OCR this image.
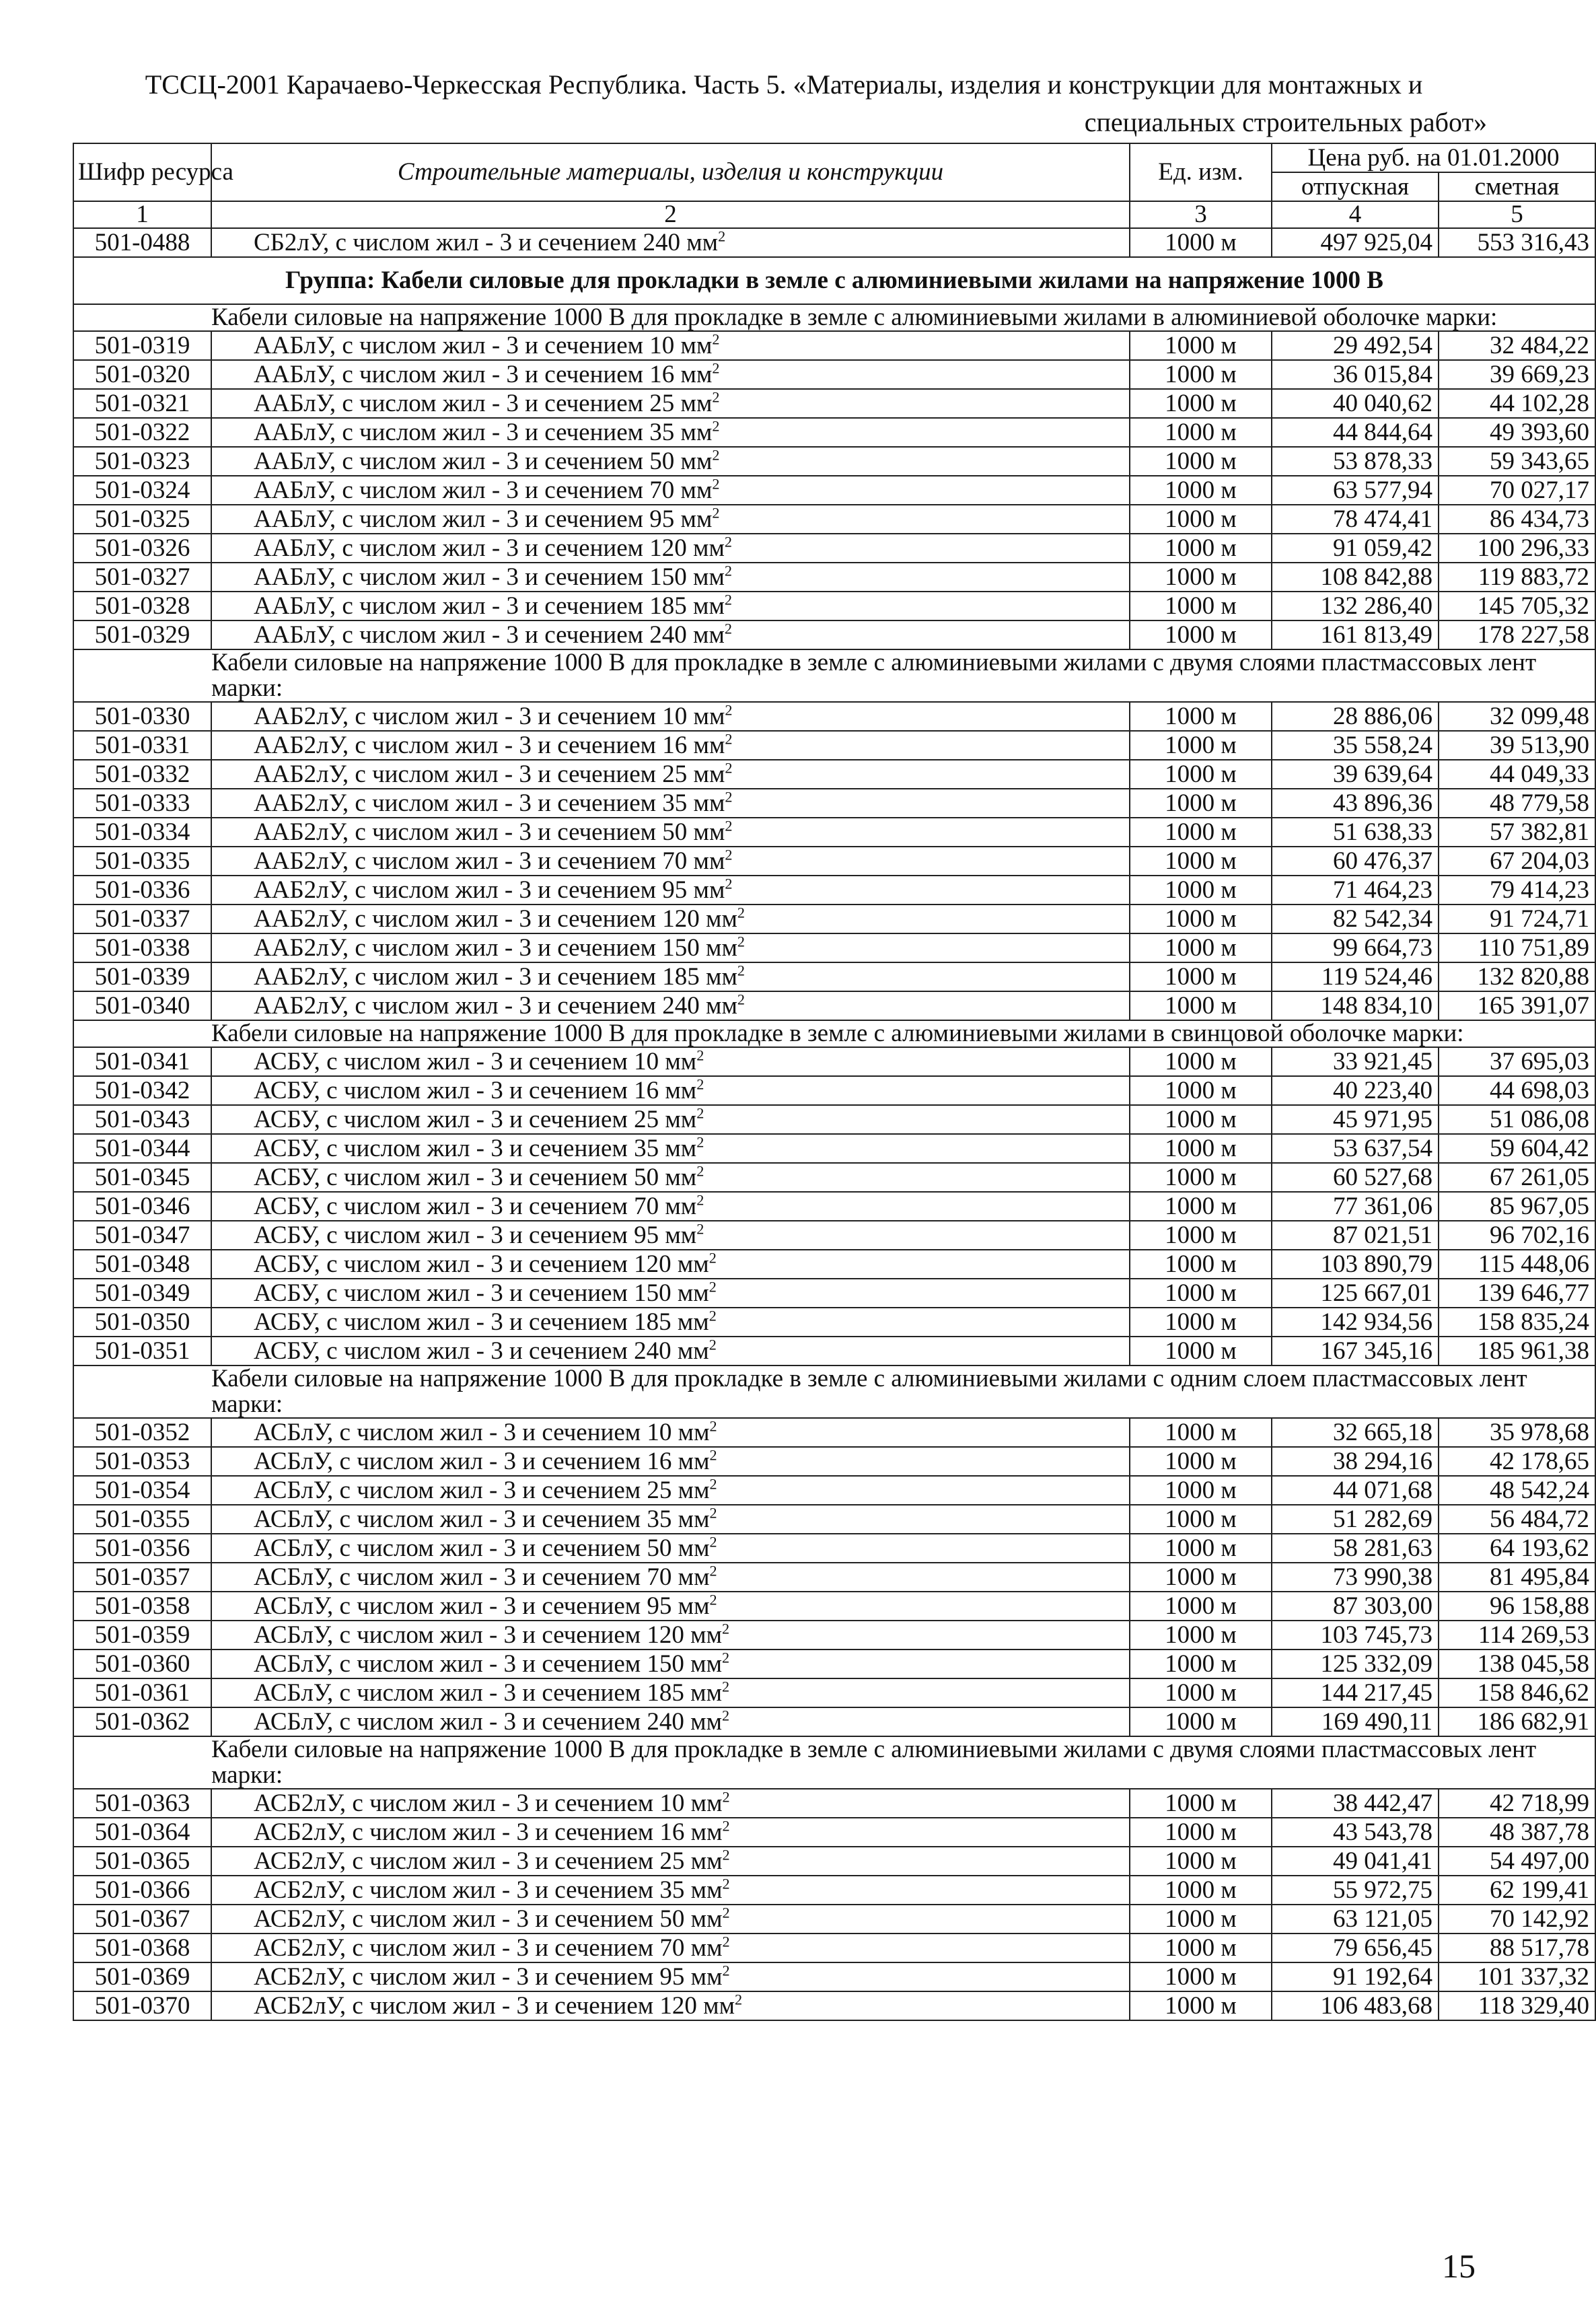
ТССЦ-2001 Карачаево-Черкесская Республика. Часть 5. «Материалы, изделия и конструкции для монтажных и
специальных строительных работ»
Шифр ресурса	Строительные материалы, изделия и конструкции	Ед. изм.	Цена руб. на 01.01.2000	
			отпускная	сметная
1	2	3	4	5
501-0488	СБ2лУ, с числом жил - 3 и сечением 240 $мм^2$	1000 м	497 925,04	553 316,43
Группа: Кабели силовые для прокладки в земле с алюминиевыми жилами на напряжение 1000 В				
Кабели силовые на напряжение 1000 В для прокладке в земле с алюминиевыми жилами в алюминиевой оболочке марки:				
501-0319	ААБлУ, с числом жил - 3 и сечением 10 $мм^2$	1000 м	29 492,54	32 484,22
501-0320	ААБлУ, с числом жил - 3 и сечением 16 $мм^2$	1000 м	36 015,84	39 669,23
501-0321	ААБлУ, с числом жил - 3 и сечением 25 $мм^2$	1000 м	40 040,62	44 102,28
501-0322	ААБлУ, с числом жил - 3 и сечением 35 $мм^2$	1000 м	44 844,64	49 393,60
501-0323	ААБлУ, с числом жил - 3 и сечением 50 $мм^2$	1000 м	53 878,33	59 343,65
501-0324	ААБлУ, с числом жил - 3 и сечением 70 $мм^2$	1000 м	63 577,94	70 027,17
501-0325	ААБлУ, с числом жил - 3 и сечением 95 $мм^2$	1000 м	78 474,41	86 434,73
501-0326	ААБлУ, с числом жил - 3 и сечением 120 $мм^2$	1000 м	91 059,42	100 296,33
501-0327	ААБлУ, с числом жил - 3 и сечением 150 $мм^2$	1000 м	108 842,88	119 883,72
501-0328	ААБлУ, с числом жил - 3 и сечением 185 $мм^2$	1000 м	132 286,40	145 705,32
501-0329	ААБлУ, с числом жил - 3 и сечением 240 $мм^2$	1000 м	161 813,49	178 227,58
Кабели силовые на напряжение 1000 В для прокладке в земле с алюминиевыми жилами с двумя слоями пластмассовых лент марки:				
501-0330	ААБ2лУ, с числом жил - 3 и сечением 10 $мм^2$	1000 м	28 886,06	32 099,48
501-0331	ААБ2лУ, с числом жил - 3 и сечением 16 $мм^2$	1000 м	35 558,24	39 513,90
501-0332	ААБ2лУ, с числом жил - 3 и сечением 25 $мм^2$	1000 м	39 639,64	44 049,33
501-0333	ААБ2лУ, с числом жил - 3 и сечением 35 $мм^2$	1000 м	43 896,36	48 779,58
501-0334	ААБ2лУ, с числом жил - 3 и сечением 50 $мм^2$	1000 м	51 638,33	57 382,81
501-0335	ААБ2лУ, с числом жил - 3 и сечением 70 $мм^2$	1000 м	60 476,37	67 204,03
501-0336	ААБ2лУ, с числом жил - 3 и сечением 95 $мм^2$	1000 м	71 464,23	79 414,23
501-0337	ААБ2лУ, с числом жил - 3 и сечением 120 $мм^2$	1000 м	82 542,34	91 724,71
501-0338	ААБ2лУ, с числом жил - 3 и сечением 150 $мм^2$	1000 м	99 664,73	110 751,89
501-0339	ААБ2лУ, с числом жил - 3 и сечением 185 $мм^2$	1000 м	119 524,46	132 820,88
501-0340	ААБ2лУ, с числом жил - 3 и сечением 240 $мм^2$	1000 м	148 834,10	165 391,07
Кабели силовые на напряжение 1000 В для прокладке в земле с алюминиевыми жилами в свинцовой оболочке марки:				
501-0341	АСБУ, с числом жил - 3 и сечением 10 $мм^2$	1000 м	33 921,45	37 695,03
501-0342	АСБУ, с числом жил - 3 и сечением 16 $мм^2$	1000 м	40 223,40	44 698,03
501-0343	АСБУ, с числом жил - 3 и сечением 25 $мм^2$	1000 м	45 971,95	51 086,08
501-0344	АСБУ, с числом жил - 3 и сечением 35 $мм^2$	1000 м	53 637,54	59 604,42
501-0345	АСБУ, с числом жил - 3 и сечением 50 $мм^2$	1000 м	60 527,68	67 261,05
501-0346	АСБУ, с числом жил - 3 и сечением 70 $мм^2$	1000 м	77 361,06	85 967,05
501-0347	АСБУ, с числом жил - 3 и сечением 95 $мм^2$	1000 м	87 021,51	96 702,16
501-0348	АСБУ, с числом жил - 3 и сечением 120 $мм^2$	1000 м	103 890,79	115 448,06
501-0349	АСБУ, с числом жил - 3 и сечением 150 $мм^2$	1000 м	125 667,01	139 646,77
501-0350	АСБУ, с числом жил - 3 и сечением 185 $мм^2$	1000 м	142 934,56	158 835,24
501-0351	АСБУ, с числом жил - 3 и сечением 240 $мм^2$	1000 м	167 345,16	185 961,38
Кабели силовые на напряжение 1000 В для прокладке в земле с алюминиевыми жилами с одним слоем пластмассовых лент марки:				
501-0352	АСБлУ, с числом жил - 3 и сечением 10 $мм^2$	1000 м	32 665,18	35 978,68
501-0353	АСБлУ, с числом жил - 3 и сечением 16 $мм^2$	1000 м	38 294,16	42 178,65
501-0354	АСБлУ, с числом жил - 3 и сечением 25 $мм^2$	1000 м	44 071,68	48 542,24
501-0355	АСБлУ, с числом жил - 3 и сечением 35 $мм^2$	1000 м	51 282,69	56 484,72
501-0356	АСБлУ, с числом жил - 3 и сечением 50 $мм^2$	1000 м	58 281,63	64 193,62
501-0357	АСБлУ, с числом жил - 3 и сечением 70 $мм^2$	1000 м	73 990,38	81 495,84
501-0358	АСБлУ, с числом жил - 3 и сечением 95 $мм^2$	1000 м	87 303,00	96 158,88
501-0359	АСБлУ, с числом жил - 3 и сечением 120 $мм^2$	1000 м	103 745,73	114 269,53
501-0360	АСБлУ, с числом жил - 3 и сечением 150 $мм^2$	1000 м	125 332,09	138 045,58
501-0361	АСБлУ, с числом жил - 3 и сечением 185 $мм^2$	1000 м	144 217,45	158 846,62
501-0362	АСБлУ, с числом жил - 3 и сечением 240 $мм^2$	1000 м	169 490,11	186 682,91
Кабели силовые на напряжение 1000 В для прокладке в земле с алюминиевыми жилами с двумя слоями пластмассовых лент марки:				
501-0363	АСБ2лУ, с числом жил - 3 и сечением 10 $мм^2$	1000 м	38 442,47	42 718,99
501-0364	АСБ2лУ, с числом жил - 3 и сечением 16 $мм^2$	1000 м	43 543,78	48 387,78
501-0365	АСБ2лУ, с числом жил - 3 и сечением 25 $мм^2$	1000 м	49 041,41	54 497,00
501-0366	АСБ2лУ, с числом жил - 3 и сечением 35 $мм^2$	1000 м	55 972,75	62 199,41
501-0367	АСБ2лУ, с числом жил - 3 и сечением 50 $мм^2$	1000 м	63 121,05	70 142,92
501-0368	АСБ2лУ, с числом жил - 3 и сечением 70 $мм^2$	1000 м	79 656,45	88 517,78
501-0369	АСБ2лУ, с числом жил - 3 и сечением 95 $мм^2$	1000 м	91 192,64	101 337,32
501-0370	АСБ2лУ, с числом жил - 3 и сечением 120 $мм^2$	1000 м	106 483,68	118 329,40
15
